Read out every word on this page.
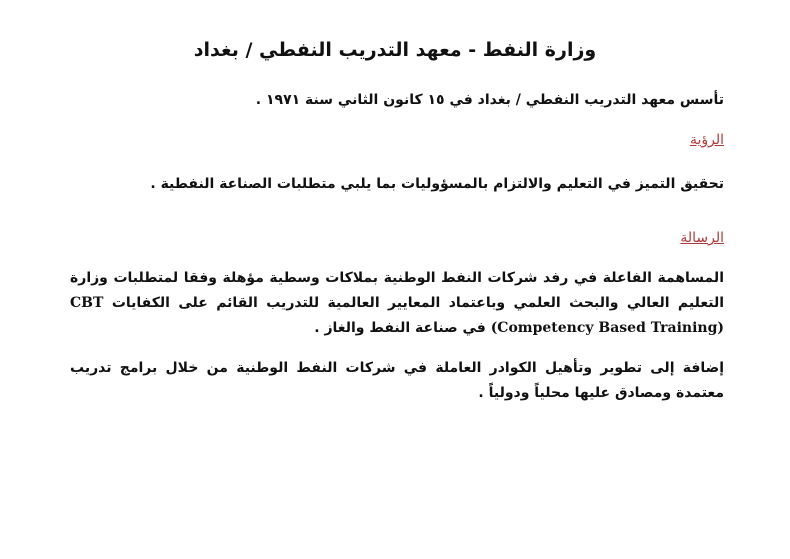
وزارة النفط - معهد التدريب النفطي / بغداد
تأسس معهد التدريب النفطي / بغداد في ١٥ كانون الثاني سنة ١٩٧١ .
الرؤية
تحقيق التميز في التعليم والالتزام بالمسؤوليات بما يلبي متطلبات الصناعة النفطية .
الرسالة
المساهمة الفاعلة في رفد شركات النفط الوطنية بملاكات وسطية مؤهلة وفقا لمتطلبات وزارة التعليم العالي والبحث العلمي وباعتماد المعايير العالمية للتدريب القائم على الكفايات CBT (Competency Based Training) في صناعة النفط والغاز .
إضافة إلى تطوير وتأهيل الكوادر العاملة في شركات النفط الوطنية من خلال برامج تدريب معتمدة ومصادق عليها محلياً ودولياً .
